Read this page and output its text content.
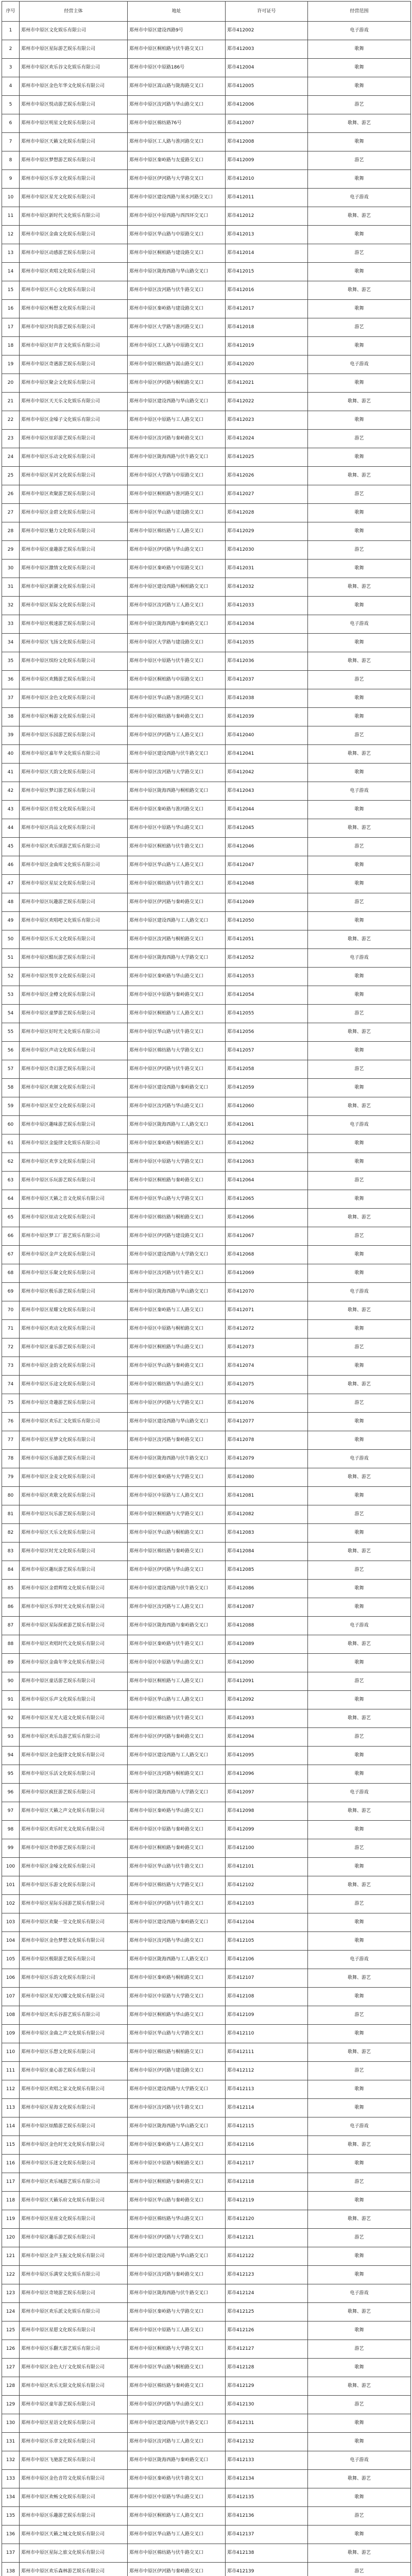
序号	经营主体	地址	许可证号	经营范围
1	郑州市中原区文化娱乐有限公司	郑州市中原区建设西路9号	郑市412002	电子游戏
2	郑州市中原区星际游艺娱乐有限公司	郑州市中原区桐柏路与伏牛路交叉口	郑市412003	歌舞
3	郑州市中原区欢乐谷文化娱乐有限公司	郑州市中原区中原路186号	郑市412004	歌舞
4	郑州市中原区金色年华文化娱乐有限公司	郑州市中原区嵩山路与陇海路交叉口	郑市412005	歌舞
5	郑州市中原区悦动游艺娱乐有限公司	郑州市中原区汝河路与华山路交叉口	郑市412006	游艺
6	郑州市中原区明星文化娱乐有限公司	郑州市中原区棉纺路76号	郑市412007	歌舞、游艺
7	郑州市中原区天籁文化娱乐有限公司	郑州市中原区工人路与淮河路交叉口	郑市412008	歌舞
8	郑州市中原区梦想游艺娱乐有限公司	郑州市中原区秦岭路与友爱路交叉口	郑市412009	游艺
9	郑州市中原区乐享文化娱乐有限公司	郑州市中原区伊河路与大学路交叉口	郑市412010	歌舞
10	郑州市中原区星光文化娱乐有限公司	郑州市中原区建设西路与须水河路交叉口	郑市412011	电子游戏
11	郑州市中原区新时代文化娱乐有限公司	郑州市中原区中原西路与西四环交叉口	郑市412012	歌舞、游艺
12	郑州市中原区金曲文化娱乐有限公司	郑州市中原区华山路与中原路交叉口	郑市412013	歌舞
13	郑州市中原区动感游艺娱乐有限公司	郑州市中原区桐柏路与建设路交叉口	郑市412014	游艺
14	郑州市中原区欢唱文化娱乐有限公司	郑州市中原区陇海西路与华山路交叉口	郑市412015	歌舞
15	郑州市中原区开心文化娱乐有限公司	郑州市中原区汝河路与伏牛路交叉口	郑市412016	歌舞、游艺
16	郑州市中原区畅想文化娱乐有限公司	郑州市中原区秦岭路与建设路交叉口	郑市412017	歌舞
17	郑州市中原区时尚游艺娱乐有限公司	郑州市中原区大学路与淮河路交叉口	郑市412018	游艺
18	郑州市中原区好声音文化娱乐有限公司	郑州市中原区工人路与中原路交叉口	郑市412019	歌舞
19	郑州市中原区奇遇游艺娱乐有限公司	郑州市中原区棉纺路与嵩山路交叉口	郑市412020	电子游戏
20	郑州市中原区聚会文化娱乐有限公司	郑州市中原区伊河路与桐柏路交叉口	郑市412021	歌舞
21	郑州市中原区天天乐文化娱乐有限公司	郑州市中原区建设西路与华山路交叉口	郑市412022	歌舞、游艺
22	郑州市中原区金嗓子文化娱乐有限公司	郑州市中原区中原路与工人路交叉口	郑市412023	歌舞
23	郑州市中原区炫彩游艺娱乐有限公司	郑州市中原区汝河路与秦岭路交叉口	郑市412024	游艺
24	郑州市中原区乐动文化娱乐有限公司	郑州市中原区陇海西路与伏牛路交叉口	郑市412025	歌舞
25	郑州市中原区星河文化娱乐有限公司	郑州市中原区大学路与中原路交叉口	郑市412026	歌舞、游艺
26	郑州市中原区欢聚游艺娱乐有限公司	郑州市中原区桐柏路与淮河路交叉口	郑市412027	游艺
27	郑州市中原区金碧文化娱乐有限公司	郑州市中原区华山路与建设路交叉口	郑市412028	歌舞
28	郑州市中原区魅力文化娱乐有限公司	郑州市中原区棉纺路与工人路交叉口	郑市412029	歌舞
29	郑州市中原区童趣游艺娱乐有限公司	郑州市中原区伊河路与华山路交叉口	郑市412030	游艺
30	郑州市中原区激情文化娱乐有限公司	郑州市中原区秦岭路与中原路交叉口	郑市412031	歌舞
31	郑州市中原区新潮文化娱乐有限公司	郑州市中原区建设西路与桐柏路交叉口	郑市412032	歌舞、游艺
32	郑州市中原区星际文化娱乐有限公司	郑州市中原区汝河路与工人路交叉口	郑市412033	歌舞
33	郑州市中原区极速游艺娱乐有限公司	郑州市中原区陇海西路与秦岭路交叉口	郑市412034	电子游戏
34	郑州市中原区飞扬文化娱乐有限公司	郑州市中原区大学路与建设路交叉口	郑市412035	歌舞
35	郑州市中原区缤纷文化娱乐有限公司	郑州市中原区中原路与伏牛路交叉口	郑市412036	歌舞、游艺
36	郑州市中原区欢腾游艺娱乐有限公司	郑州市中原区桐柏路与中原路交叉口	郑市412037	游艺
37	郑州市中原区金色文化娱乐有限公司	郑州市中原区华山路与淮河路交叉口	郑市412038	歌舞
38	郑州市中原区畅游文化娱乐有限公司	郑州市中原区棉纺路与秦岭路交叉口	郑市412039	歌舞
39	郑州市中原区乐园游艺娱乐有限公司	郑州市中原区伊河路与工人路交叉口	郑市412040	游艺
40	郑州市中原区嘉年华文化娱乐有限公司	郑州市中原区建设西路与伏牛路交叉口	郑市412041	歌舞、游艺
41	郑州市中原区天韵文化娱乐有限公司	郑州市中原区汝河路与大学路交叉口	郑市412042	歌舞
42	郑州市中原区梦幻游艺娱乐有限公司	郑州市中原区陇海西路与桐柏路交叉口	郑市412043	电子游戏
43	郑州市中原区音悦文化娱乐有限公司	郑州市中原区秦岭路与淮河路交叉口	郑市412044	歌舞
44	郑州市中原区尚品文化娱乐有限公司	郑州市中原区中原路与华山路交叉口	郑市412045	歌舞、游艺
45	郑州市中原区欢乐颂游艺娱乐有限公司	郑州市中原区桐柏路与伏牛路交叉口	郑市412046	游艺
46	郑州市中原区金曲库文化娱乐有限公司	郑州市中原区华山路与工人路交叉口	郑市412047	歌舞
47	郑州市中原区星辰文化娱乐有限公司	郑州市中原区棉纺路与伏牛路交叉口	郑市412048	歌舞
48	郑州市中原区玩趣游艺娱乐有限公司	郑州市中原区伊河路与秦岭路交叉口	郑市412049	游艺
49	郑州市中原区欢唱吧文化娱乐有限公司	郑州市中原区建设西路与工人路交叉口	郑市412050	歌舞
50	郑州市中原区乐天文化娱乐有限公司	郑州市中原区汝河路与桐柏路交叉口	郑市412051	歌舞、游艺
51	郑州市中原区酷玩游艺娱乐有限公司	郑州市中原区陇海西路与大学路交叉口	郑市412052	电子游戏
52	郑州市中原区悦享文化娱乐有限公司	郑州市中原区秦岭路与华山路交叉口	郑市412053	歌舞
53	郑州市中原区金樽文化娱乐有限公司	郑州市中原区中原路与秦岭路交叉口	郑市412054	歌舞
54	郑州市中原区童梦游艺娱乐有限公司	郑州市中原区桐柏路与工人路交叉口	郑市412055	游艺
55	郑州市中原区好时光文化娱乐有限公司	郑州市中原区华山路与伏牛路交叉口	郑市412056	歌舞、游艺
56	郑州市中原区声动文化娱乐有限公司	郑州市中原区棉纺路与大学路交叉口	郑市412057	歌舞
57	郑州市中原区奇幻游艺娱乐有限公司	郑州市中原区伊河路与伏牛路交叉口	郑市412058	游艺
58	郑州市中原区欢颜文化娱乐有限公司	郑州市中原区建设西路与秦岭路交叉口	郑市412059	歌舞
59	郑州市中原区星空文化娱乐有限公司	郑州市中原区汝河路与华山路交叉口	郑市412060	歌舞、游艺
60	郑州市中原区趣味游艺娱乐有限公司	郑州市中原区陇海西路与工人路交叉口	郑市412061	电子游戏
61	郑州市中原区金旋律文化娱乐有限公司	郑州市中原区秦岭路与桐柏路交叉口	郑市412062	歌舞
62	郑州市中原区欢享文化娱乐有限公司	郑州市中原区中原路与大学路交叉口	郑市412063	歌舞
63	郑州市中原区乐玩游艺娱乐有限公司	郑州市中原区桐柏路与秦岭路交叉口	郑市412064	游艺
64	郑州市中原区天籁之音文化娱乐有限公司	郑州市中原区华山路与大学路交叉口	郑市412065	歌舞
65	郑州市中原区炫动文化娱乐有限公司	郑州市中原区棉纺路与桐柏路交叉口	郑市412066	歌舞、游艺
66	郑州市中原区梦工厂游艺娱乐有限公司	郑州市中原区伊河路与建设路交叉口	郑市412067	游艺
67	郑州市中原区金声文化娱乐有限公司	郑州市中原区建设西路与大学路交叉口	郑市412068	歌舞
68	郑州市中原区乐聚文化娱乐有限公司	郑州市中原区汝河路与伏牛路交叉口	郑市412069	歌舞
69	郑州市中原区极乐游艺娱乐有限公司	郑州市中原区陇海西路与华山路交叉口	郑市412070	电子游戏
70	郑州市中原区星耀文化娱乐有限公司	郑州市中原区秦岭路与工人路交叉口	郑市412071	歌舞、游艺
71	郑州市中原区欢动文化娱乐有限公司	郑州市中原区中原路与桐柏路交叉口	郑市412072	歌舞
72	郑州市中原区童乐游艺娱乐有限公司	郑州市中原区桐柏路与华山路交叉口	郑市412073	游艺
73	郑州市中原区金韵文化娱乐有限公司	郑州市中原区华山路与秦岭路交叉口	郑市412074	歌舞
74	郑州市中原区乐途文化娱乐有限公司	郑州市中原区棉纺路与华山路交叉口	郑市412075	歌舞、游艺
75	郑州市中原区奇趣游艺娱乐有限公司	郑州市中原区伊河路与大学路交叉口	郑市412076	游艺
76	郑州市中原区欢乐汇文化娱乐有限公司	郑州市中原区建设西路与华山路交叉口	郑市412077	歌舞
77	郑州市中原区星梦文化娱乐有限公司	郑州市中原区汝河路与秦岭路交叉口	郑市412078	歌舞
78	郑州市中原区乐迪游艺娱乐有限公司	郑州市中原区陇海西路与伏牛路交叉口	郑市412079	电子游戏
79	郑州市中原区金麦文化娱乐有限公司	郑州市中原区秦岭路与大学路交叉口	郑市412080	歌舞、游艺
80	郑州市中原区欢歌文化娱乐有限公司	郑州市中原区中原路与工人路交叉口	郑市412081	歌舞
81	郑州市中原区玩乐游艺娱乐有限公司	郑州市中原区桐柏路与大学路交叉口	郑市412082	游艺
82	郑州市中原区天乐文化娱乐有限公司	郑州市中原区华山路与桐柏路交叉口	郑市412083	歌舞
83	郑州市中原区时光文化娱乐有限公司	郑州市中原区棉纺路与秦岭路交叉口	郑市412084	歌舞、游艺
84	郑州市中原区趣玩游艺娱乐有限公司	郑州市中原区伊河路与华山路交叉口	郑市412085	游艺
85	郑州市中原区金碧辉煌文化娱乐有限公司	郑州市中原区建设西路与伏牛路交叉口	郑市412086	歌舞
86	郑州市中原区乐享时光文化娱乐有限公司	郑州市中原区汝河路与工人路交叉口	郑市412087	歌舞
87	郑州市中原区星际探索游艺娱乐有限公司	郑州市中原区陇海西路与秦岭路交叉口	郑市412088	电子游戏
88	郑州市中原区欢唱时代文化娱乐有限公司	郑州市中原区秦岭路与伏牛路交叉口	郑市412089	歌舞、游艺
89	郑州市中原区金曲年华文化娱乐有限公司	郑州市中原区中原路与华山路交叉口	郑市412090	歌舞
90	郑州市中原区童话游艺娱乐有限公司	郑州市中原区桐柏路与工人路交叉口	郑市412091	游艺
91	郑州市中原区乐声文化娱乐有限公司	郑州市中原区华山路与工人路交叉口	郑市412092	歌舞
92	郑州市中原区星光大道文化娱乐有限公司	郑州市中原区棉纺路与伏牛路交叉口	郑市412093	歌舞、游艺
93	郑州市中原区欢乐岛游艺娱乐有限公司	郑州市中原区伊河路与秦岭路交叉口	郑市412094	游艺
94	郑州市中原区金色旋律文化娱乐有限公司	郑州市中原区建设西路与工人路交叉口	郑市412095	歌舞
95	郑州市中原区乐活文化娱乐有限公司	郑州市中原区汝河路与桐柏路交叉口	郑市412096	歌舞
96	郑州市中原区疯狂游艺娱乐有限公司	郑州市中原区陇海西路与大学路交叉口	郑市412097	电子游戏
97	郑州市中原区天籁之声文化娱乐有限公司	郑州市中原区秦岭路与华山路交叉口	郑市412098	歌舞、游艺
98	郑州市中原区欢乐时光文化娱乐有限公司	郑州市中原区中原路与秦岭路交叉口	郑市412099	歌舞
99	郑州市中原区奇妙游艺娱乐有限公司	郑州市中原区桐柏路与秦岭路交叉口	郑市412100	游艺
100	郑州市中原区金嗓文化娱乐有限公司	郑州市中原区华山路与伏牛路交叉口	郑市412101	歌舞
101	郑州市中原区乐游文化娱乐有限公司	郑州市中原区棉纺路与大学路交叉口	郑市412102	歌舞、游艺
102	郑州市中原区星际乐园游艺娱乐有限公司	郑州市中原区伊河路与伏牛路交叉口	郑市412103	游艺
103	郑州市中原区欢聚一堂文化娱乐有限公司	郑州市中原区建设西路与秦岭路交叉口	郑市412104	歌舞
104	郑州市中原区金色梦想文化娱乐有限公司	郑州市中原区汝河路与华山路交叉口	郑市412105	歌舞
105	郑州市中原区极限游艺娱乐有限公司	郑州市中原区陇海西路与工人路交叉口	郑市412106	电子游戏
106	郑州市中原区乐韵文化娱乐有限公司	郑州市中原区秦岭路与桐柏路交叉口	郑市412107	歌舞、游艺
107	郑州市中原区星光闪耀文化娱乐有限公司	郑州市中原区中原路与大学路交叉口	郑市412108	歌舞
108	郑州市中原区欢乐谷游艺娱乐有限公司	郑州市中原区桐柏路与华山路交叉口	郑市412109	游艺
109	郑州市中原区金曲之声文化娱乐有限公司	郑州市中原区华山路与大学路交叉口	郑市412110	歌舞
110	郑州市中原区乐想文化娱乐有限公司	郑州市中原区棉纺路与桐柏路交叉口	郑市412111	歌舞、游艺
111	郑州市中原区童心游艺娱乐有限公司	郑州市中原区伊河路与建设路交叉口	郑市412112	游艺
112	郑州市中原区欢唱之家文化娱乐有限公司	郑州市中原区建设西路与大学路交叉口	郑市412113	歌舞
113	郑州市中原区星海文化娱乐有限公司	郑州市中原区汝河路与伏牛路交叉口	郑市412114	歌舞
114	郑州市中原区炫酷游艺娱乐有限公司	郑州市中原区陇海西路与华山路交叉口	郑市412115	电子游戏
115	郑州市中原区金色时光文化娱乐有限公司	郑州市中原区秦岭路与工人路交叉口	郑市412116	歌舞、游艺
116	郑州市中原区乐迷文化娱乐有限公司	郑州市中原区中原路与桐柏路交叉口	郑市412117	歌舞
117	郑州市中原区欢乐城游艺娱乐有限公司	郑州市中原区桐柏路与秦岭路交叉口	郑市412118	游艺
118	郑州市中原区天籁乐府文化娱乐有限公司	郑州市中原区华山路与秦岭路交叉口	郑市412119	歌舞
119	郑州市中原区星座文化娱乐有限公司	郑州市中原区棉纺路与华山路交叉口	郑市412120	歌舞、游艺
120	郑州市中原区趣乐游艺娱乐有限公司	郑州市中原区伊河路与大学路交叉口	郑市412121	游艺
121	郑州市中原区金声玉振文化娱乐有限公司	郑州市中原区建设西路与华山路交叉口	郑市412122	歌舞
122	郑州市中原区乐满堂文化娱乐有限公司	郑州市中原区汝河路与秦岭路交叉口	郑市412123	歌舞
123	郑州市中原区奇境游艺娱乐有限公司	郑州市中原区陇海西路与伏牛路交叉口	郑市412124	电子游戏
124	郑州市中原区欢乐派文化娱乐有限公司	郑州市中原区秦岭路与大学路交叉口	郑市412125	歌舞、游艺
125	郑州市中原区星愿文化娱乐有限公司	郑州市中原区中原路与工人路交叉口	郑市412126	歌舞
126	郑州市中原区乐翻天游艺娱乐有限公司	郑州市中原区桐柏路与大学路交叉口	郑市412127	游艺
127	郑州市中原区金色大厅文化娱乐有限公司	郑州市中原区华山路与桐柏路交叉口	郑市412128	歌舞
128	郑州市中原区欢乐无限文化娱乐有限公司	郑州市中原区棉纺路与秦岭路交叉口	郑市412129	歌舞、游艺
129	郑州市中原区童年游艺娱乐有限公司	郑州市中原区伊河路与华山路交叉口	郑市412130	游艺
130	郑州市中原区星语文化娱乐有限公司	郑州市中原区建设西路与伏牛路交叉口	郑市412131	歌舞
131	郑州市中原区乐章文化娱乐有限公司	郑州市中原区汝河路与工人路交叉口	郑市412132	歌舞
132	郑州市中原区飞驰游艺娱乐有限公司	郑州市中原区陇海西路与秦岭路交叉口	郑市412133	电子游戏
133	郑州市中原区金色音符文化娱乐有限公司	郑州市中原区秦岭路与伏牛路交叉口	郑市412134	歌舞、游艺
134	郑州市中原区欢畅文化娱乐有限公司	郑州市中原区中原路与华山路交叉口	郑市412135	歌舞
135	郑州市中原区乐趣游艺娱乐有限公司	郑州市中原区桐柏路与工人路交叉口	郑市412136	游艺
136	郑州市中原区天籁之城文化娱乐有限公司	郑州市中原区华山路与工人路交叉口	郑市412137	歌舞
137	郑州市中原区星际之旅文化娱乐有限公司	郑州市中原区棉纺路与伏牛路交叉口	郑市412138	歌舞、游艺
138	郑州市中原区欢乐森林游艺娱乐有限公司	郑州市中原区伊河路与秦岭路交叉口	郑市412139	游艺
